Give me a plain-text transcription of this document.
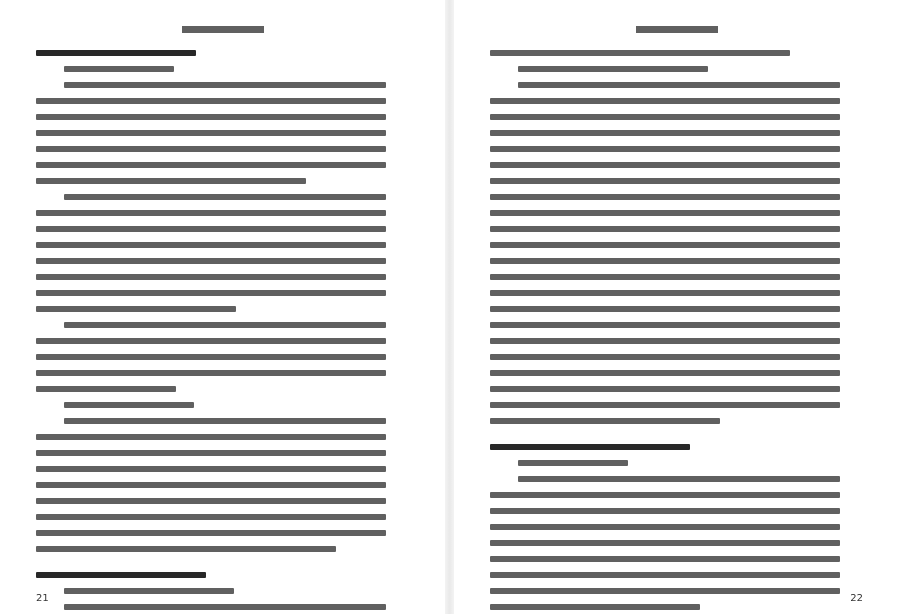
21	22
